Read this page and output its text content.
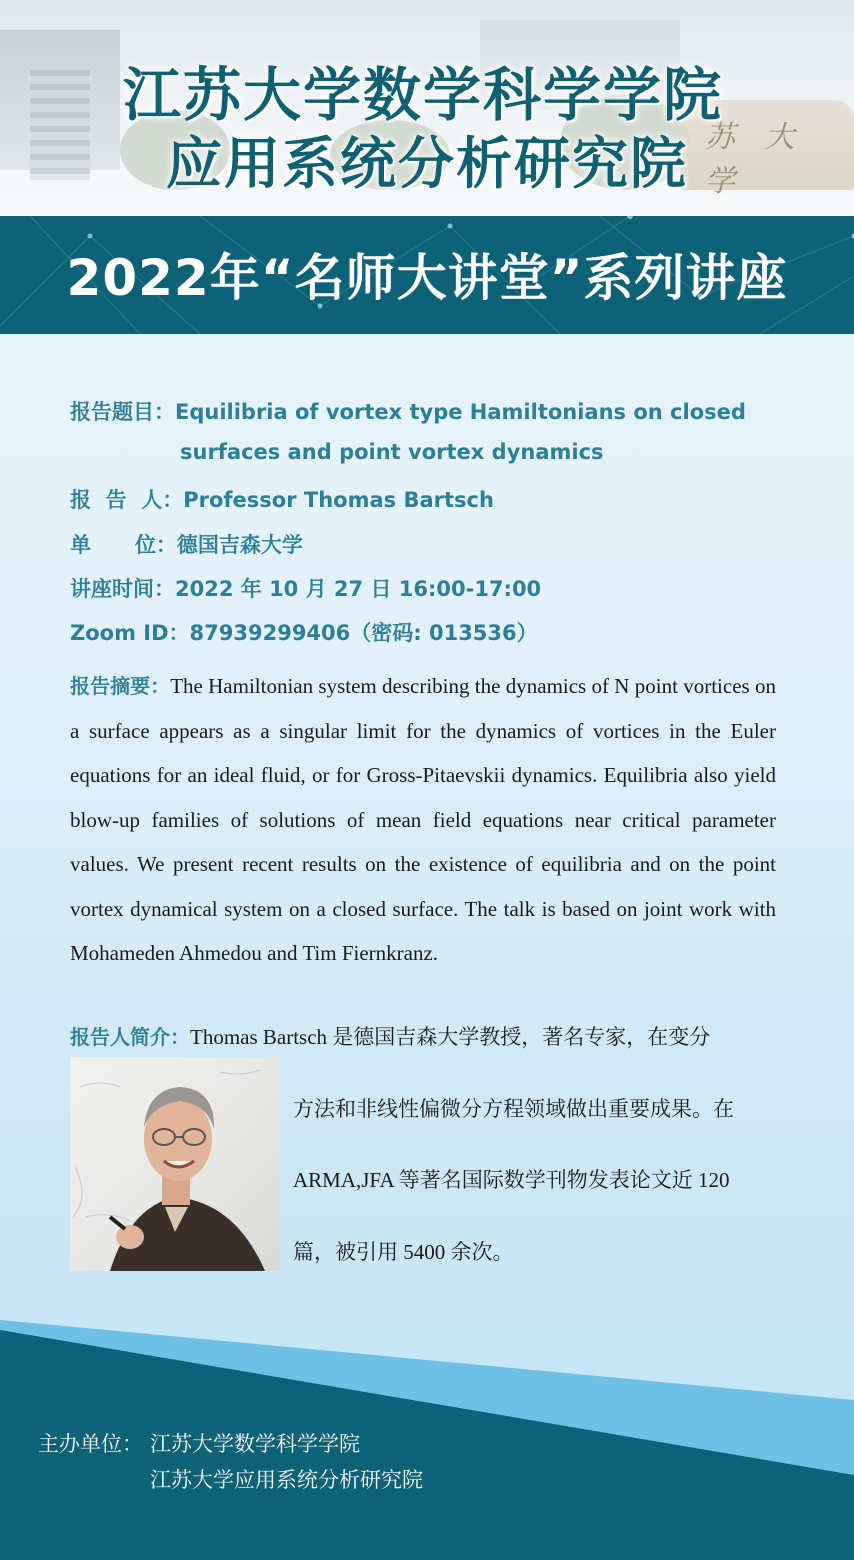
苏 大 学
江苏大学数学科学学院
应用系统分析研究院
2022年“名师大讲堂”系列讲座
报告题目：Equilibria of vortex type Hamiltonians on closed
surfaces and point vortex dynamics
报  告  人：Professor Thomas Bartsch
单      位：德国吉森大学
讲座时间：2022 年 10 月 27 日 16:00-17:00
Zoom ID：87939299406（密码: 013536）
报告摘要：The Hamiltonian system describing the dynamics of N point vortices on a surface appears as a singular limit for the dynamics of vortices in the Euler equations for an ideal fluid, or for Gross-Pitaevskii dynamics. Equilibria also yield blow-up families of solutions of mean field equations near critical parameter values. We present recent results on the existence of equilibria and on the point vortex dynamical system on a closed surface. The talk is based on joint work with Mohameden Ahmedou and Tim Fiernkranz.
报告人简介：Thomas Bartsch 是德国吉森大学教授，著名专家，在变分
方法和非线性偏微分方程领域做出重要成果。在
ARMA,JFA 等著名国际数学刊物发表论文近 120
篇，被引用 5400 余次。
主办单位： 江苏大学数学科学学院
江苏大学应用系统分析研究院
